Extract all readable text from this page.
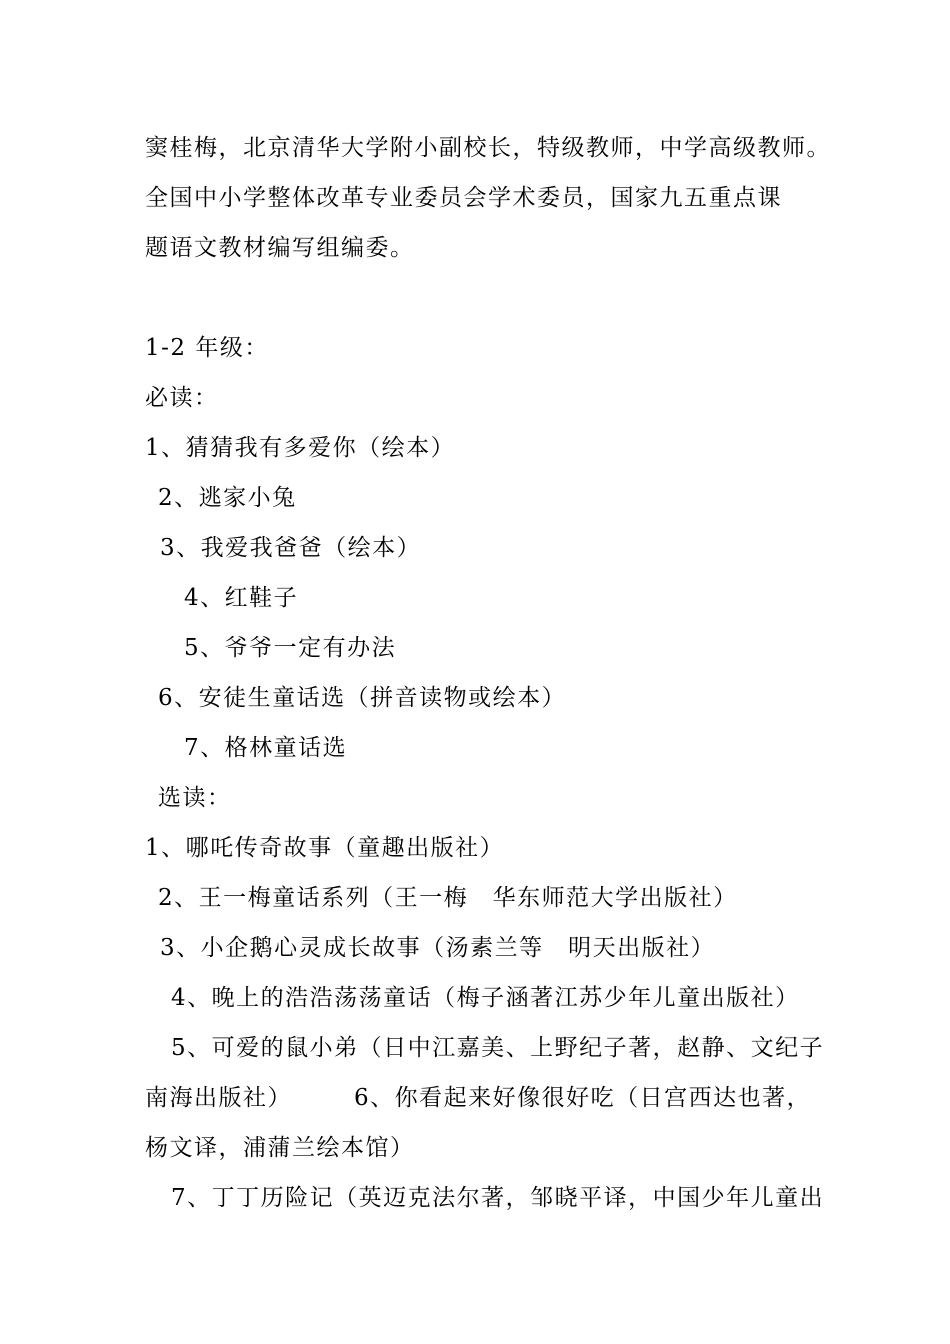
窦桂梅，北京清华大学附小副校长，特级教师，中学高级教师。
全国中小学整体改革专业委员会学术委员，国家九五重点课
题语文教材编写组编委。
1-2 年级：
必读：
1、猜猜我有多爱你（绘本）
2、逃家小兔
3、我爱我爸爸（绘本）
4、红鞋子
5、爷爷一定有办法
6、安徒生童话选（拼音读物或绘本）
7、格林童话选
选读：
1、哪吒传奇故事（童趣出版社）
2、王一梅童话系列（王一梅　华东师范大学出版社）
3、小企鹅心灵成长故事（汤素兰等　明天出版社）
4、晚上的浩浩荡荡童话（梅子涵著江苏少年儿童出版社）
5、可爱的鼠小弟（日中江嘉美、上野纪子著，赵静、文纪子
南海出版社）　　　6、你看起来好像很好吃（日宫西达也著，
杨文译，浦蒲兰绘本馆）
7、丁丁历险记（英迈克法尔著，邹晓平译，中国少年儿童出
